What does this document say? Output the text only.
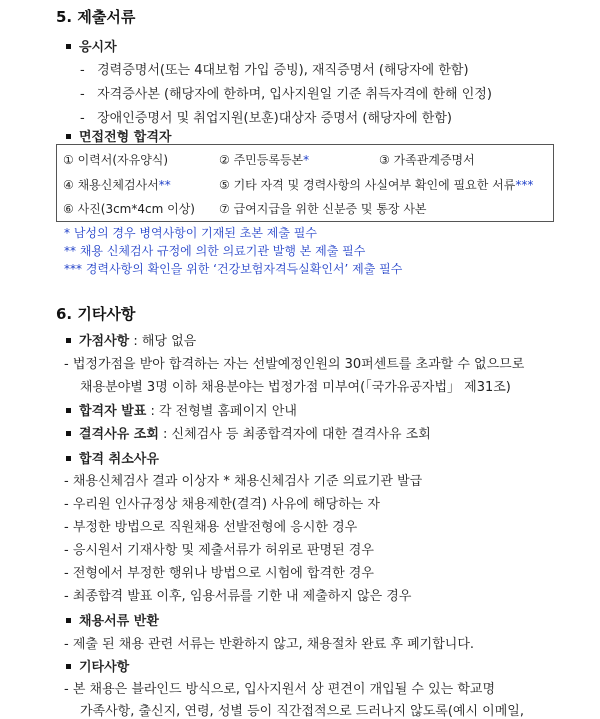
5. 제출서류
응시자
-   경력증명서(또는 4대보험 가입 증빙), 재직증명서 (해당자에 한함)
-   자격증사본 (해당자에 한하며, 입사지원일 기준 취득자격에 한해 인정)
-   장애인증명서 및 취업지원(보훈)대상자 증명서 (해당자에 한함)
면접전형 합격자
① 이력서(자유양식)	② 주민등록등본*	③ 가족관계증명서
④ 채용신체검사서**	⑤ 기타 자격 및 경력사항의 사실여부 확인에 필요한 서류***
⑥ 사진(3cm*4cm 이상) ⑦ 급여지급을 위한 신분증 및 통장 사본
* 남성의 경우 병역사항이 기재된 초본 제출 필수
** 채용 신체검사 규정에 의한 의료기관 발행 본 제출 필수
*** 경력사항의 확인을 위한 ‘건강보험자격득실확인서’ 제출 필수
6. 기타사항
가점사항 : 해당 없음
- 법정가점을 받아 합격하는 자는 선발예정인원의 30퍼센트를 초과할 수 없으므로
채용분야별 3명 이하 채용분야는 법정가점 미부여(「국가유공자법」 제31조)
합격자 발표 : 각 전형별 홈페이지 안내
결격사유 조회 : 신체검사 등 최종합격자에 대한 결격사유 조회
합격 취소사유
- 채용신체검사 결과 이상자 * 채용신체검사 기준 의료기관 발급
- 우리원 인사규정상 채용제한(결격) 사유에 해당하는 자
- 부정한 방법으로 직원채용 선발전형에 응시한 경우
- 응시원서 기재사항 및 제출서류가 허위로 판명된 경우
- 전형에서 부정한 행위나 방법으로 시험에 합격한 경우
- 최종합격 발표 이후, 임용서류를 기한 내 제출하지 않은 경우
채용서류 반환
- 제출 된 채용 관련 서류는 반환하지 않고, 채용절차 완료 후 폐기합니다.
기타사항
- 본 채용은 블라인드 방식으로, 입사지원서 상 편견이 개입될 수 있는 학교명
가족사항, 출신지, 연령, 성별 등이 직간접적으로 드러나지 않도록(예시 이메일,
